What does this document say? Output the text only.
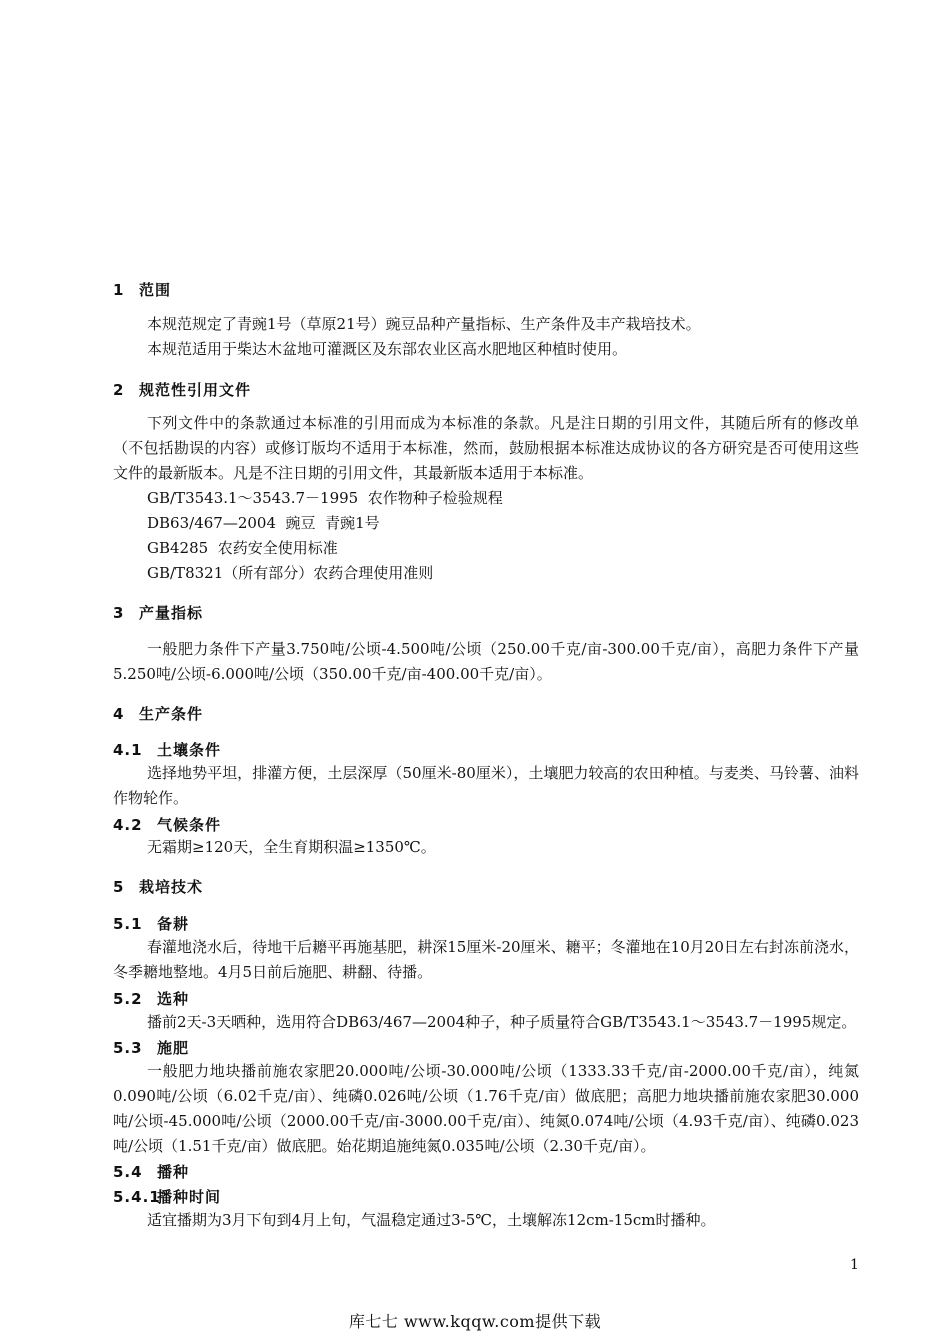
1 范围
本规范规定了青豌1号（草原21号）豌豆品种产量指标、生产条件及丰产栽培技术。
本规范适用于柴达木盆地可灌溉区及东部农业区高水肥地区种植时使用。
2 规范性引用文件
下列文件中的条款通过本标准的引用而成为本标准的条款。凡是注日期的引用文件，其随后所有的修改单（不包括勘误的内容）或修订版均不适用于本标准，然而，鼓励根据本标准达成协议的各方研究是否可使用这些文件的最新版本。凡是不注日期的引用文件，其最新版本适用于本标准。
GB/T3543.1～3543.7－1995  农作物种子检验规程
DB63/467—2004  豌豆  青豌1号
GB4285  农药安全使用标准
GB/T8321（所有部分）农药合理使用准则
3 产量指标
一般肥力条件下产量3.750吨/公顷-4.500吨/公顷（250.00千克/亩-300.00千克/亩），高肥力条件下产量5.250吨/公顷-6.000吨/公顷（350.00千克/亩-400.00千克/亩）。
4 生产条件
4.1 土壤条件
选择地势平坦，排灌方便，土层深厚（50厘米-80厘米），土壤肥力较高的农田种植。与麦类、马铃薯、油料作物轮作。
4.2 气候条件
无霜期≥120天，全生育期积温≥1350℃。
5 栽培技术
5.1 备耕
春灌地浇水后，待地干后耱平再施基肥，耕深15厘米-20厘米、耱平；冬灌地在10月20日左右封冻前浇水，冬季耱地整地。4月5日前后施肥、耕翻、待播。
5.2 选种
播前2天-3天晒种，选用符合DB63/467—2004种子，种子质量符合GB/T3543.1～3543.7－1995规定。
5.3 施肥
一般肥力地块播前施农家肥20.000吨/公顷-30.000吨/公顷（1333.33千克/亩-2000.00千克/亩），纯氮0.090吨/公顷（6.02千克/亩）、纯磷0.026吨/公顷（1.76千克/亩）做底肥；高肥力地块播前施农家肥30.000吨/公顷-45.000吨/公顷（2000.00千克/亩-3000.00千克/亩）、纯氮0.074吨/公顷（4.93千克/亩）、纯磷0.023吨/公顷（1.51千克/亩）做底肥。始花期追施纯氮0.035吨/公顷（2.30千克/亩）。
5.4 播种
5.4.1播种时间
适宜播期为3月下旬到4月上旬，气温稳定通过3-5℃，土壤解冻12cm-15cm时播种。
1
库七七 www.kqqw.com提供下载
